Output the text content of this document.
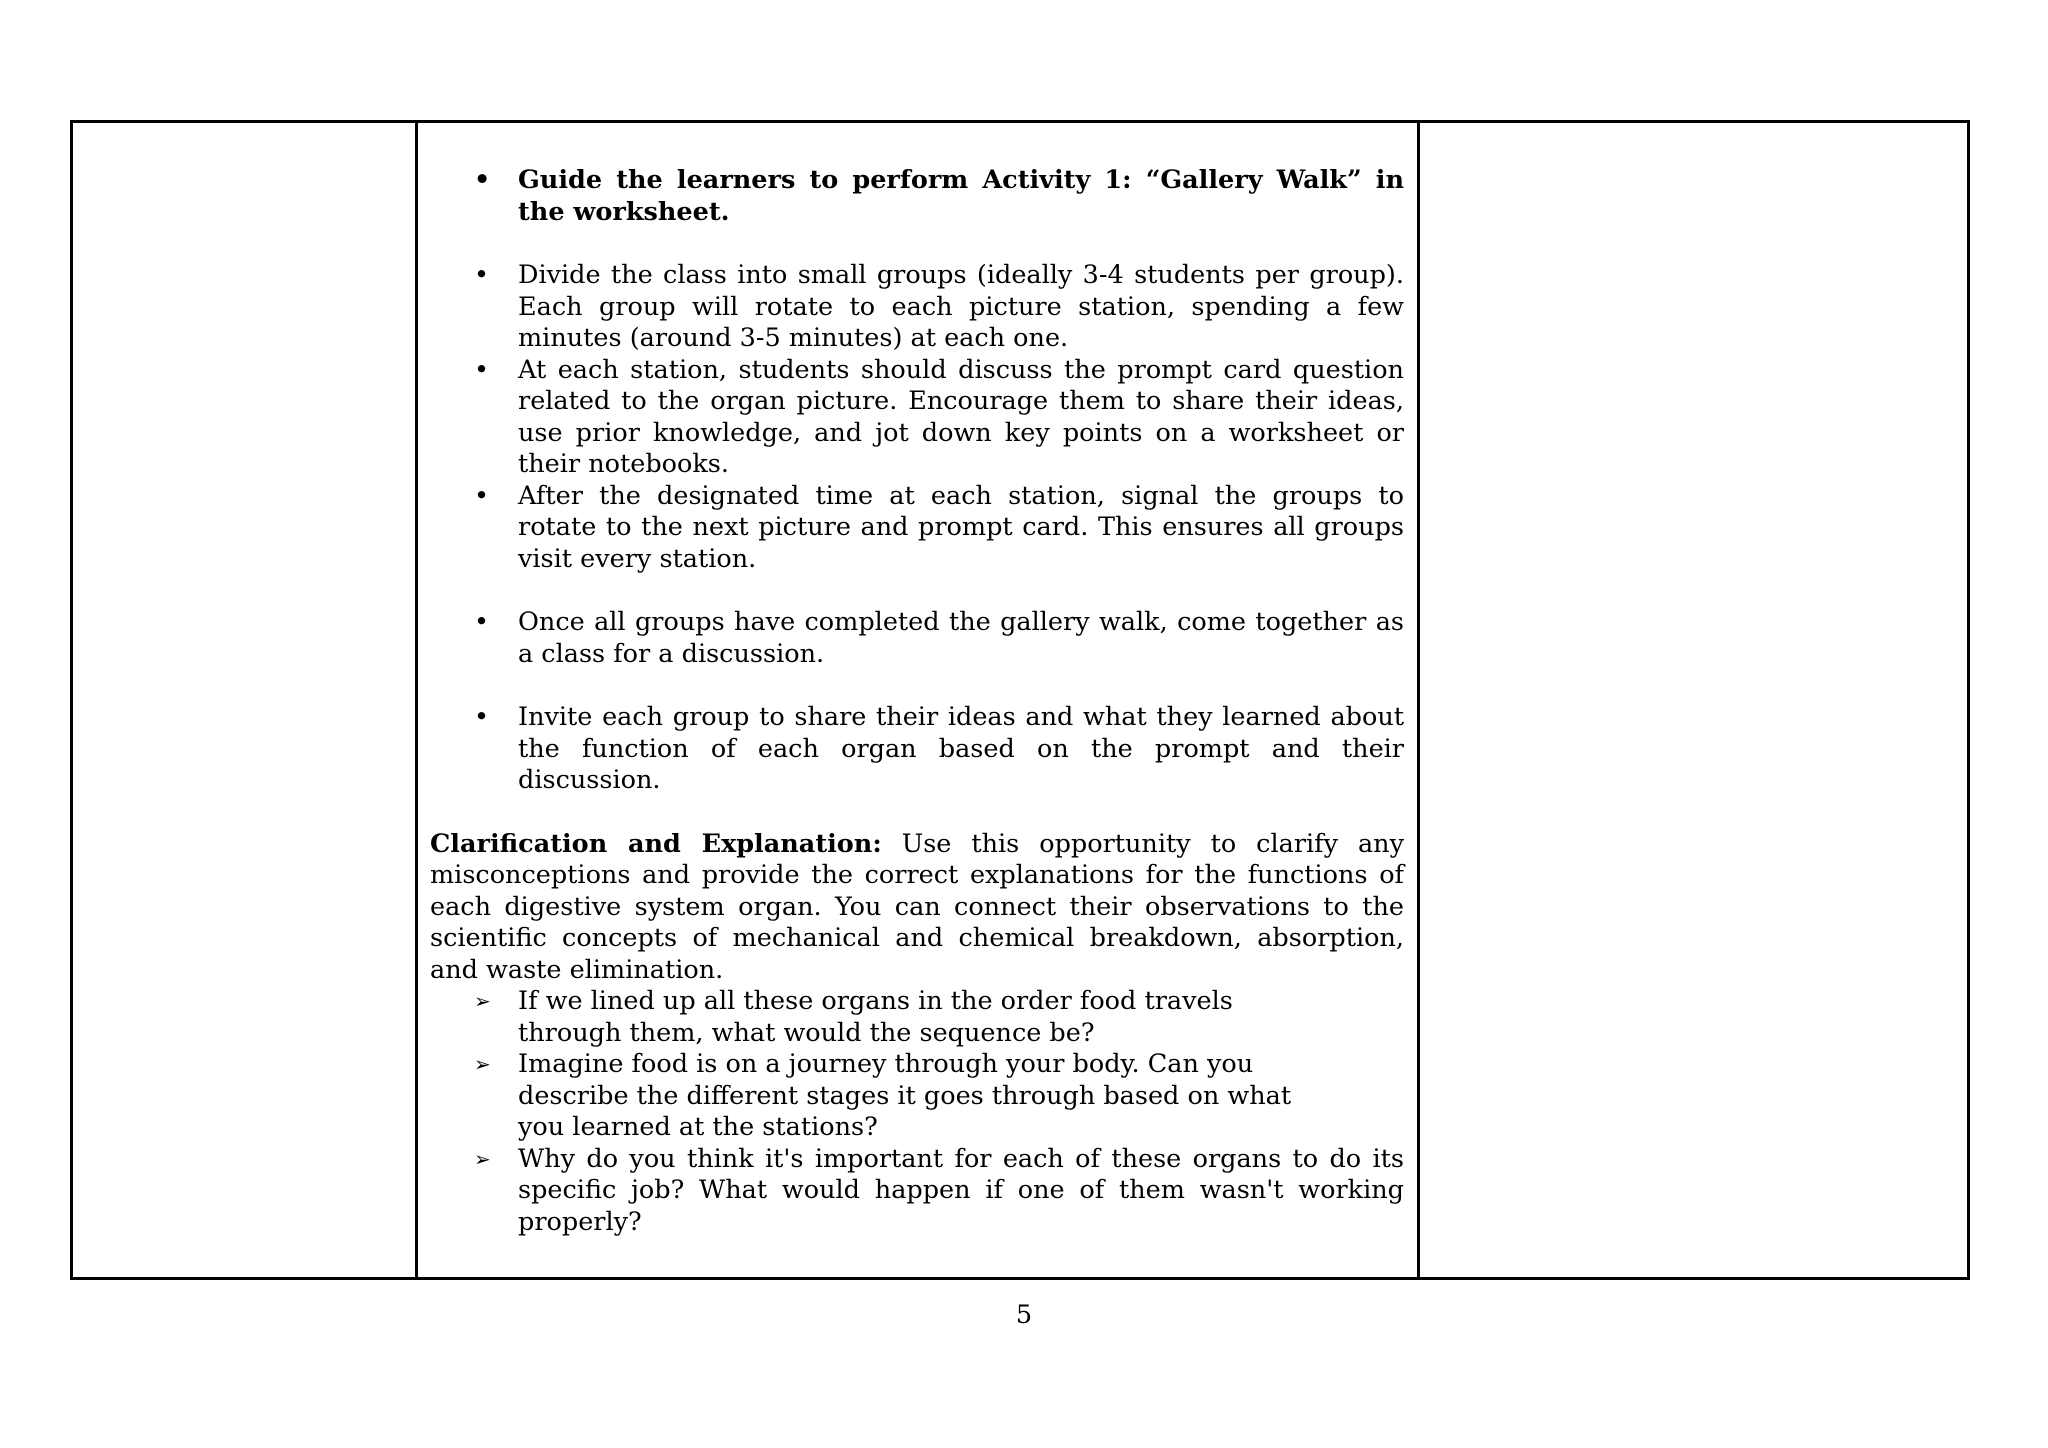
• Guide the learners to perform Activity 1: “Gallery Walk” in the worksheet.
• Divide the class into small groups (ideally 3-4 students per group). Each group will rotate to each picture station, spending a few minutes (around 3-5 minutes) at each one.
• At each station, students should discuss the prompt card question related to the organ picture. Encourage them to share their ideas, use prior knowledge, and jot down key points on a worksheet or their notebooks.
• After the designated time at each station, signal the groups to rotate to the next picture and prompt card. This ensures all groups visit every station.
• Once all groups have completed the gallery walk, come together as a class for a discussion.
• Invite each group to share their ideas and what they learned about the function of each organ based on the prompt and their discussion.
Clarification and Explanation: Use this opportunity to clarify any misconceptions and provide the correct explanations for the functions of each digestive system organ. You can connect their observations to the scientific concepts of mechanical and chemical breakdown, absorption, and waste elimination.
➢ If we lined up all these organs in the order food travels through them, what would the sequence be?
➢ Imagine food is on a journey through your body. Can you describe the different stages it goes through based on what you learned at the stations?
➢ Why do you think it's important for each of these organs to do its specific job? What would happen if one of them wasn't working properly?
5
